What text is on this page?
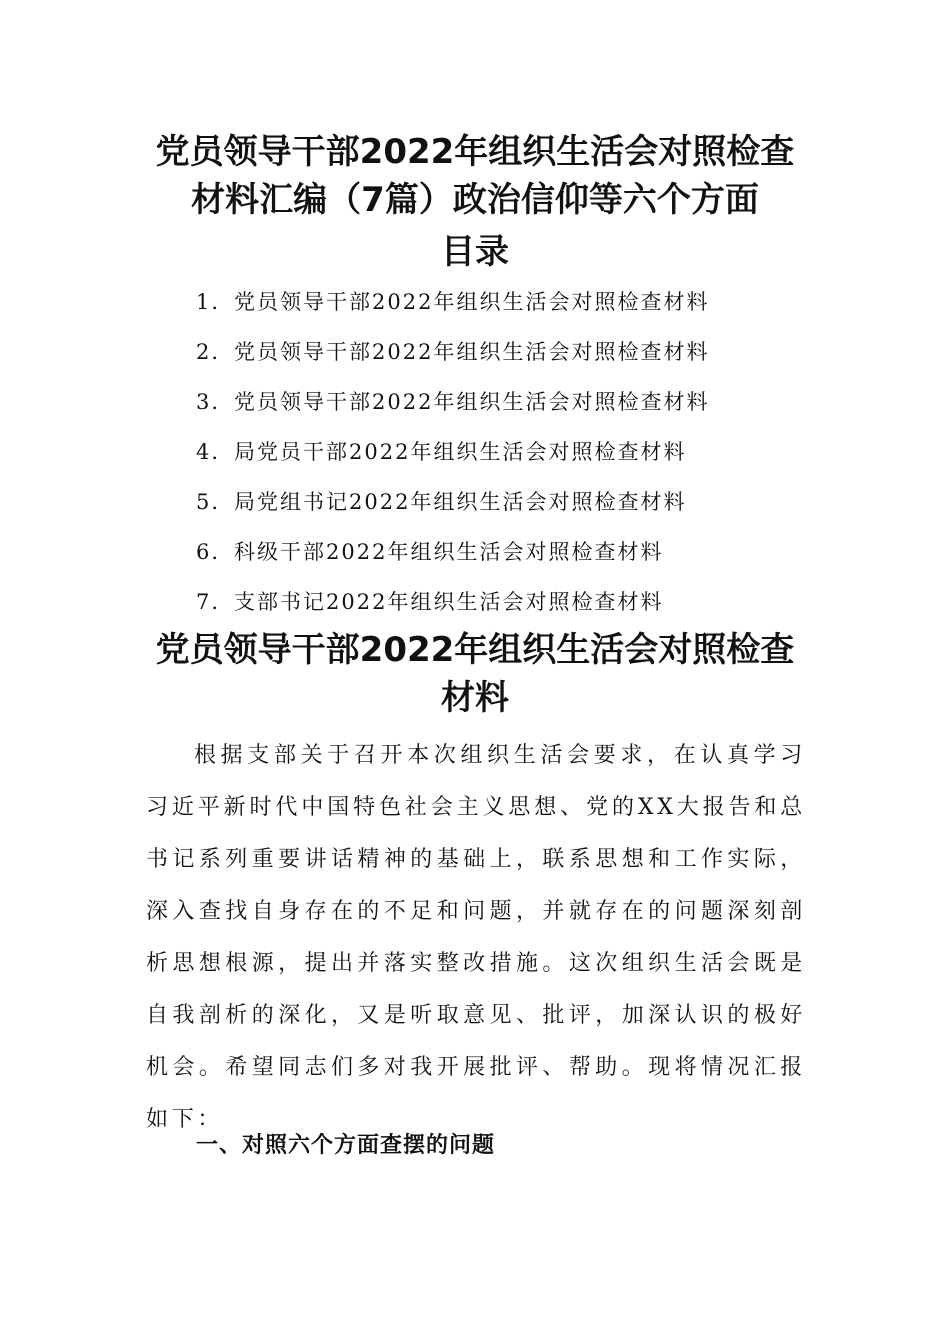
党员领导干部2022年组织生活会对照检查
材料汇编（7篇）政治信仰等六个方面
目录
1. 党员领导干部2022年组织生活会对照检查材料
2. 党员领导干部2022年组织生活会对照检查材料
3. 党员领导干部2022年组织生活会对照检查材料
4. 局党员干部2022年组织生活会对照检查材料
5. 局党组书记2022年组织生活会对照检查材料
6. 科级干部2022年组织生活会对照检查材料
7. 支部书记2022年组织生活会对照检查材料
党员领导干部2022年组织生活会对照检查
材料

根据支部关于召开本次组织生活会要求，在认真学习习近平新时代中国特色社会主义思想、党的XX大报告和总书记系列重要讲话精神的基础上，联系思想和工作实际，深入查找自身存在的不足和问题，并就存在的问题深刻剖析思想根源，提出并落实整改措施。这次组织生活会既是自我剖析的深化，又是听取意见、批评，加深认识的极好机会。希望同志们多对我开展批评、帮助。现将情况汇报如下：

一、对照六个方面查摆的问题
